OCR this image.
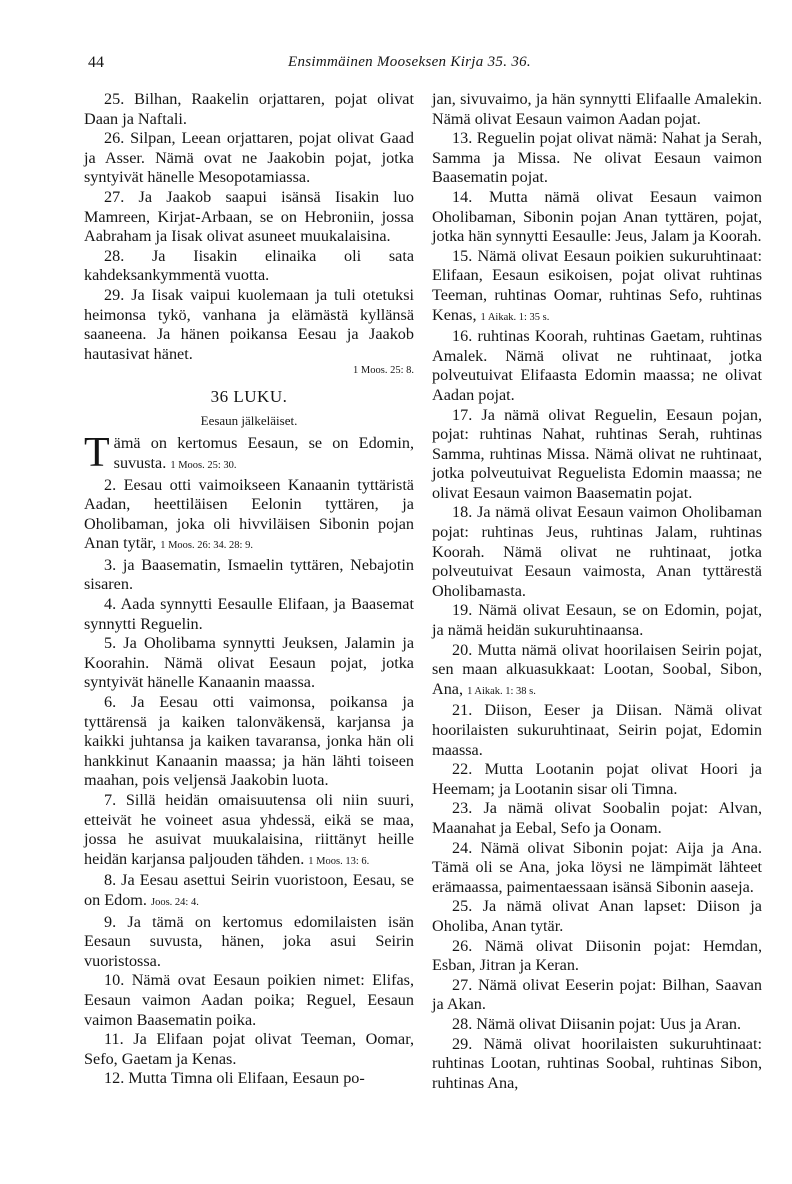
44	Ensimmäinen Mooseksen Kirja 35. 36.

25. Bilhan, Raakelin orjattaren, pojat olivat Daan ja Naftali.

26. Silpan, Leean orjattaren, pojat olivat Gaad ja Asser. Nämä ovat ne Jaakobin pojat, jotka syntyivät hänelle Mesopotamiassa.

27. Ja Jaakob saapui isänsä Iisakin luo Mamreen, Kirjat-Arbaan, se on Hebroniin, jossa Aabraham ja Iisak olivat asuneet muukalaisina.

28. Ja Iisakin elinaika oli sata kahdeksankymmentä vuotta.

29. Ja Iisak vaipui kuolemaan ja tuli otetuksi heimonsa tykö, vanhana ja elämästä kyllänsä saaneena. Ja hänen poikansa Eesau ja Jaakob hautasivat hänet.

1 Moos. 25: 8.

36 LUKU.
Eesaun jälkeläiset.

Tämä on kertomus Eesaun, se on Edomin, suvusta. 1 Moos. 25: 30.

2. Eesau otti vaimoikseen Kanaanin tyttäristä Aadan, heettiläisen Eelonin tyttären, ja Oholibaman, joka oli hivviläisen Sibonin pojan Anan tytär, 1 Moos. 26: 34. 28: 9.

3. ja Baasematin, Ismaelin tyttären, Nebajotin sisaren.

4. Aada synnytti Eesaulle Elifaan, ja Baasemat synnytti Reguelin.

5. Ja Oholibama synnytti Jeuksen, Jalamin ja Koorahin. Nämä olivat Eesaun pojat, jotka syntyivät hänelle Kanaanin maassa.

6. Ja Eesau otti vaimonsa, poikansa ja tyttärensä ja kaiken talonväkensä, karjansa ja kaikki juhtansa ja kaiken tavaransa, jonka hän oli hankkinut Kanaanin maassa; ja hän lähti toiseen maahan, pois veljensä Jaakobin luota.

7. Sillä heidän omaisuutensa oli niin suuri, etteivät he voineet asua yhdessä, eikä se maa, jossa he asuivat muukalaisina, riittänyt heille heidän karjansa paljouden tähden. 1 Moos. 13: 6.

8. Ja Eesau asettui Seirin vuoristoon, Eesau, se on Edom. Joos. 24: 4.

9. Ja tämä on kertomus edomilaisten isän Eesaun suvusta, hänen, joka asui Seirin vuoristossa.

10. Nämä ovat Eesaun poikien nimet: Elifas, Eesaun vaimon Aadan poika; Reguel, Eesaun vaimon Baasematin poika.

11. Ja Elifaan pojat olivat Teeman, Oomar, Sefo, Gaetam ja Kenas.

12. Mutta Timna oli Elifaan, Eesaun po-

jan, sivuvaimo, ja hän synnytti Elifaalle Amalekin. Nämä olivat Eesaun vaimon Aadan pojat.

13. Reguelin pojat olivat nämä: Nahat ja Serah, Samma ja Missa. Ne olivat Eesaun vaimon Baasematin pojat.

14. Mutta nämä olivat Eesaun vaimon Oholibaman, Sibonin pojan Anan tyttären, pojat, jotka hän synnytti Eesaulle: Jeus, Jalam ja Koorah.

15. Nämä olivat Eesaun poikien sukuruhtinaat: Elifaan, Eesaun esikoisen, pojat olivat ruhtinas Teeman, ruhtinas Oomar, ruhtinas Sefo, ruhtinas Kenas, 1 Aikak. 1: 35 s.

16. ruhtinas Koorah, ruhtinas Gaetam, ruhtinas Amalek. Nämä olivat ne ruhtinaat, jotka polveutuivat Elifaasta Edomin maassa; ne olivat Aadan pojat.

17. Ja nämä olivat Reguelin, Eesaun pojan, pojat: ruhtinas Nahat, ruhtinas Serah, ruhtinas Samma, ruhtinas Missa. Nämä olivat ne ruhtinaat, jotka polveutuivat Reguelista Edomin maassa; ne olivat Eesaun vaimon Baasematin pojat.

18. Ja nämä olivat Eesaun vaimon Oholibaman pojat: ruhtinas Jeus, ruhtinas Jalam, ruhtinas Koorah. Nämä olivat ne ruhtinaat, jotka polveutuivat Eesaun vaimosta, Anan tyttärestä Oholibamasta.

19. Nämä olivat Eesaun, se on Edomin, pojat, ja nämä heidän sukuruhtinaansa.

20. Mutta nämä olivat hoorilaisen Seirin pojat, sen maan alkuasukkaat: Lootan, Soobal, Sibon, Ana, 1 Aikak. 1: 38 s.

21. Diison, Eeser ja Diisan. Nämä olivat hoorilaisten sukuruhtinaat, Seirin pojat, Edomin maassa.

22. Mutta Lootanin pojat olivat Hoori ja Heemam; ja Lootanin sisar oli Timna.

23. Ja nämä olivat Soobalin pojat: Alvan, Maanahat ja Eebal, Sefo ja Oonam.

24. Nämä olivat Sibonin pojat: Aija ja Ana. Tämä oli se Ana, joka löysi ne lämpimät lähteet erämaassa, paimentaessaan isänsä Sibonin aaseja.

25. Ja nämä olivat Anan lapset: Diison ja Oholiba, Anan tytär.

26. Nämä olivat Diisonin pojat: Hemdan, Esban, Jitran ja Keran.

27. Nämä olivat Eeserin pojat: Bilhan, Saavan ja Akan.

28. Nämä olivat Diisanin pojat: Uus ja Aran.

29. Nämä olivat hoorilaisten sukuruhtinaat: ruhtinas Lootan, ruhtinas Soobal, ruhtinas Sibon, ruhtinas Ana,
